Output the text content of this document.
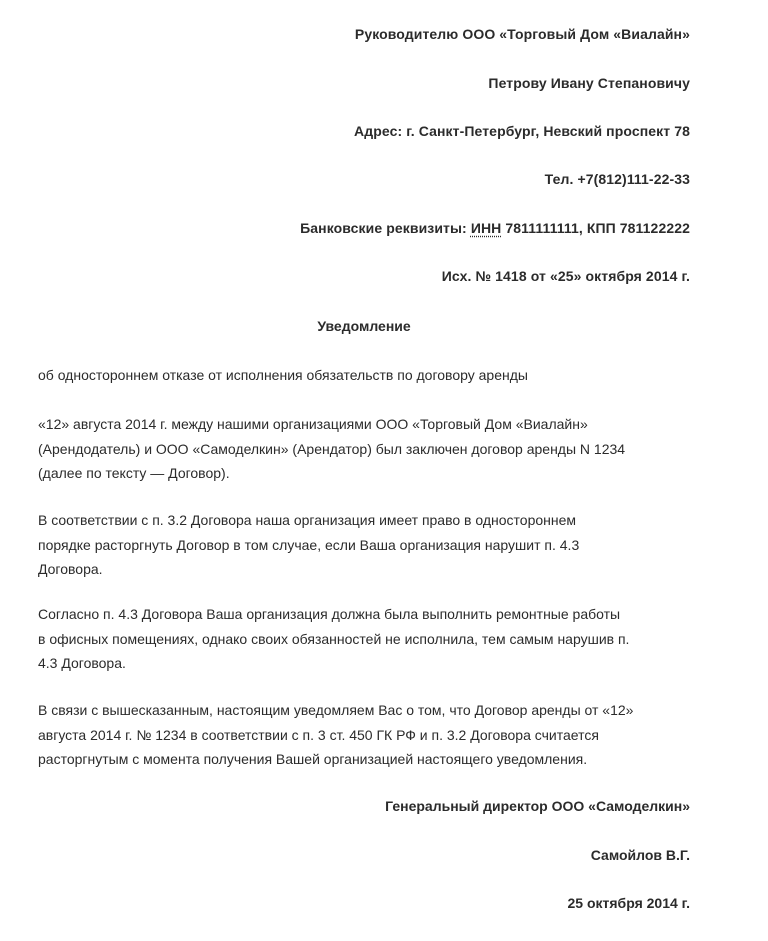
Руководителю ООО «Торговый Дом «Виалайн»
Петрову Ивану Степановичу
Адрес: г. Санкт-Петербург, Невский проспект 78
Тел. +7(812)111-22-33
Банковские реквизиты: ИНН 7811111111, КПП 781122222
Исх. № 1418 от «25» октября 2014 г.
Уведомление
об одностороннем отказе от исполнения обязательств по договору аренды
«12» августа 2014 г. между нашими организациями ООО «Торговый Дом «Виалайн»
(Арендодатель) и ООО «Самоделкин» (Арендатор) был заключен договор аренды N 1234
(далее по тексту — Договор).
В соответствии с п. 3.2 Договора наша организация имеет право в одностороннем
порядке расторгнуть Договор в том случае, если Ваша организация нарушит п. 4.3
Договора.
Согласно п. 4.3 Договора Ваша организация должна была выполнить ремонтные работы
в офисных помещениях, однако своих обязанностей не исполнила, тем самым нарушив п.
4.3 Договора.
В связи с вышесказанным, настоящим уведомляем Вас о том, что Договор аренды от «12»
августа 2014 г. № 1234 в соответствии с п. 3 ст. 450 ГК РФ и п. 3.2 Договора считается
расторгнутым с момента получения Вашей организацией настоящего уведомления.
Генеральный директор ООО «Самоделкин»
Самойлов В.Г.
25 октября 2014 г.
